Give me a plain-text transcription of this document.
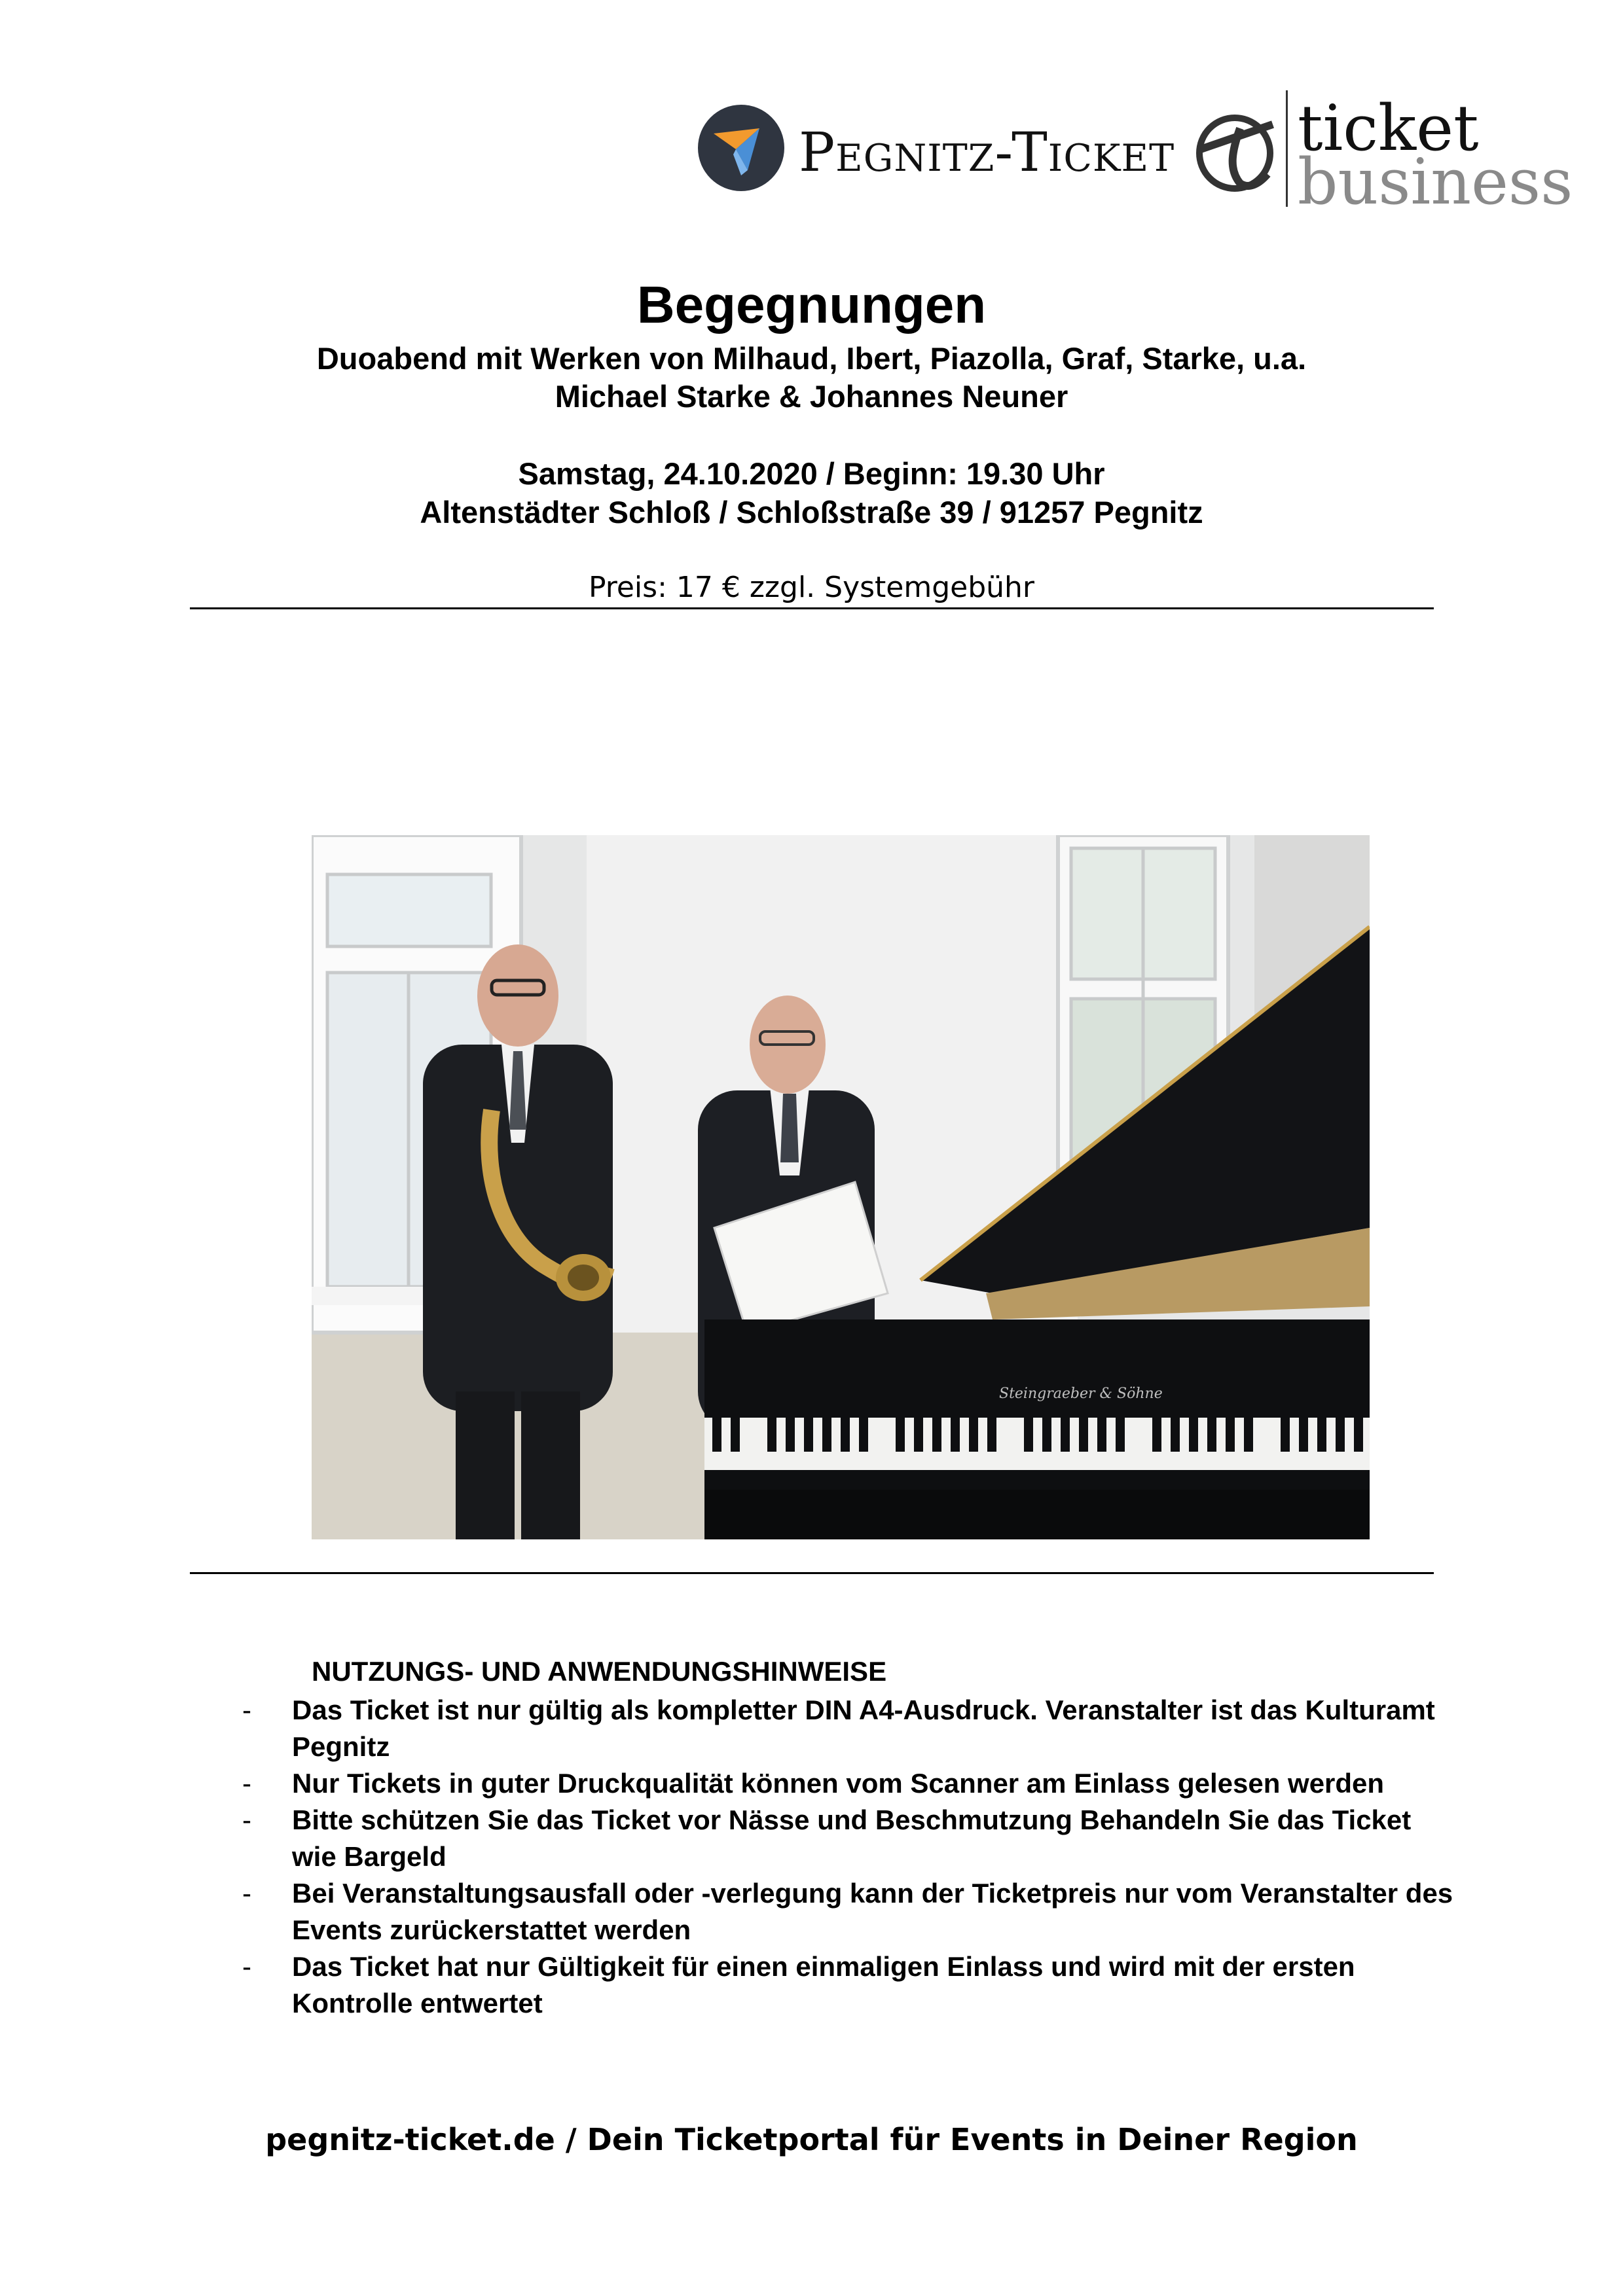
Pegnitz-Ticket ticket
business
Begegnungen
Duoabend mit Werken von Milhaud, Ibert, Piazolla, Graf, Starke, u.a.
Michael Starke & Johannes Neuner
Samstag, 24.10.2020 / Beginn: 19.30 Uhr
Altenstädter Schloß / Schloßstraße 39 / 91257 Pegnitz
Preis: 17 € zzgl. Systemgebühr
Steingraeber & Söhne
NUTZUNGS- UND ANWENDUNGSHINWEISE
- Das Ticket ist nur gültig als kompletter DIN A4-Ausdruck. Veranstalter ist das Kulturamt Pegnitz
- Nur Tickets in guter Druckqualität können vom Scanner am Einlass gelesen werden
- Bitte schützen Sie das Ticket vor Nässe und Beschmutzung Behandeln Sie das Ticket wie Bargeld
- Bei Veranstaltungsausfall oder -verlegung kann der Ticketpreis nur vom Veranstalter des Events zurückerstattet werden
- Das Ticket hat nur Gültigkeit für einen einmaligen Einlass und wird mit der ersten Kontrolle entwertet
pegnitz-ticket.de / Dein Ticketportal für Events in Deiner Region
